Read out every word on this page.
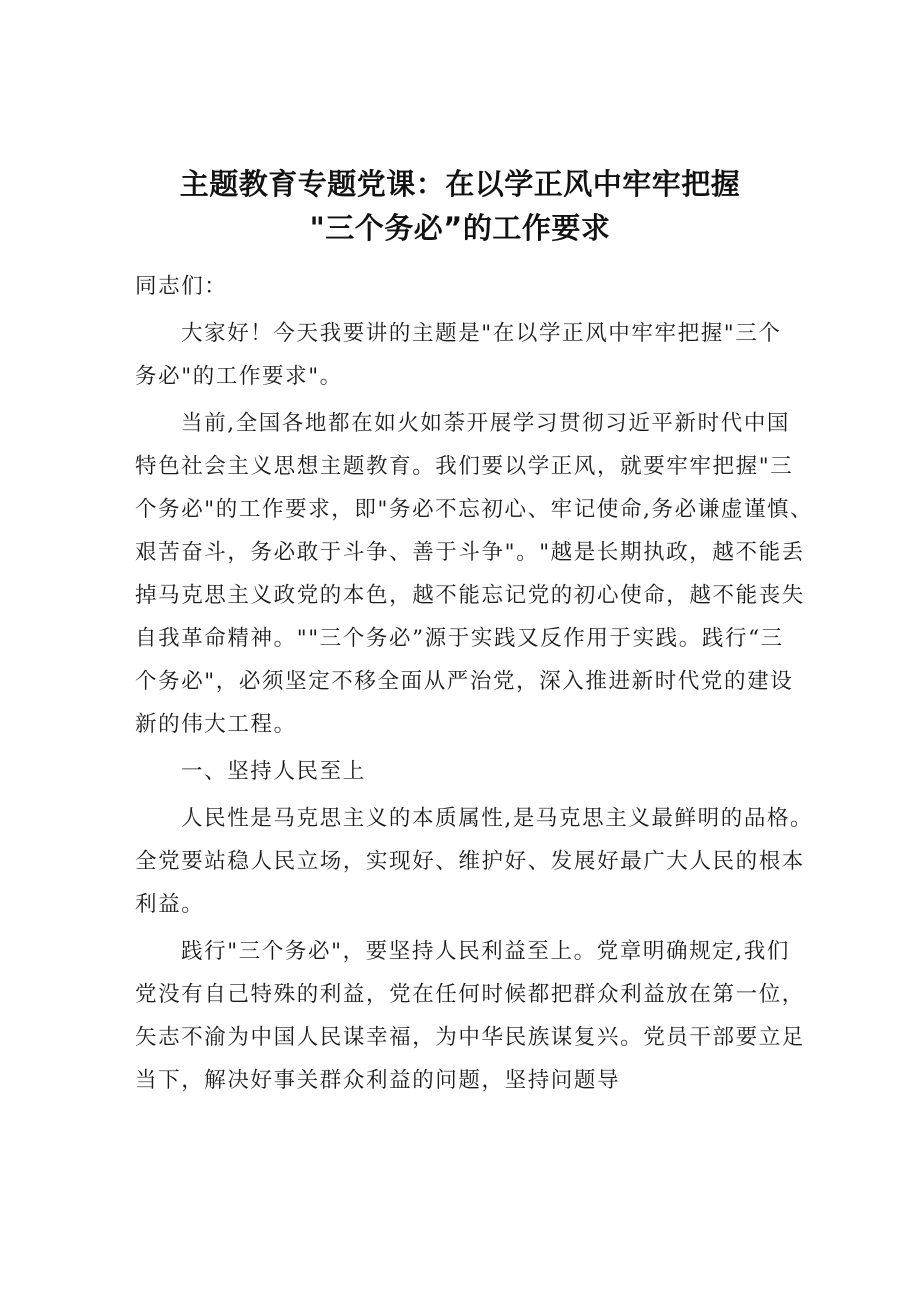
主题教育专题党课：在以学正风中牢牢把握
"三个务必”的工作要求
同志们：
大家好！今天我要讲的主题是"在以学正风中牢牢把握"三个
务必"的工作要求"。
当前,全国各地都在如火如荼开展学习贯彻习近平新时代中国
特色社会主义思想主题教育。我们要以学正风，就要牢牢把握"三
个务必"的工作要求，即"务必不忘初心、牢记使命,务必谦虚谨慎、
艰苦奋斗，务必敢于斗争、善于斗争"。"越是长期执政，越不能丢
掉马克思主义政党的本色，越不能忘记党的初心使命，越不能丧失
自我革命精神。""三个务必”源于实践又反作用于实践。践行“三
个务必"，必须坚定不移全面从严治党，深入推进新时代党的建设
新的伟大工程。
一、坚持人民至上
人民性是马克思主义的本质属性,是马克思主义最鲜明的品格。
全党要站稳人民立场，实现好、维护好、发展好最广大人民的根本
利益。
践行"三个务必"，要坚持人民利益至上。党章明确规定,我们
党没有自己特殊的利益，党在任何时候都把群众利益放在第一位，
矢志不渝为中国人民谋幸福，为中华民族谋复兴。党员干部要立足
当下，解决好事关群众利益的问题，坚持问题导
